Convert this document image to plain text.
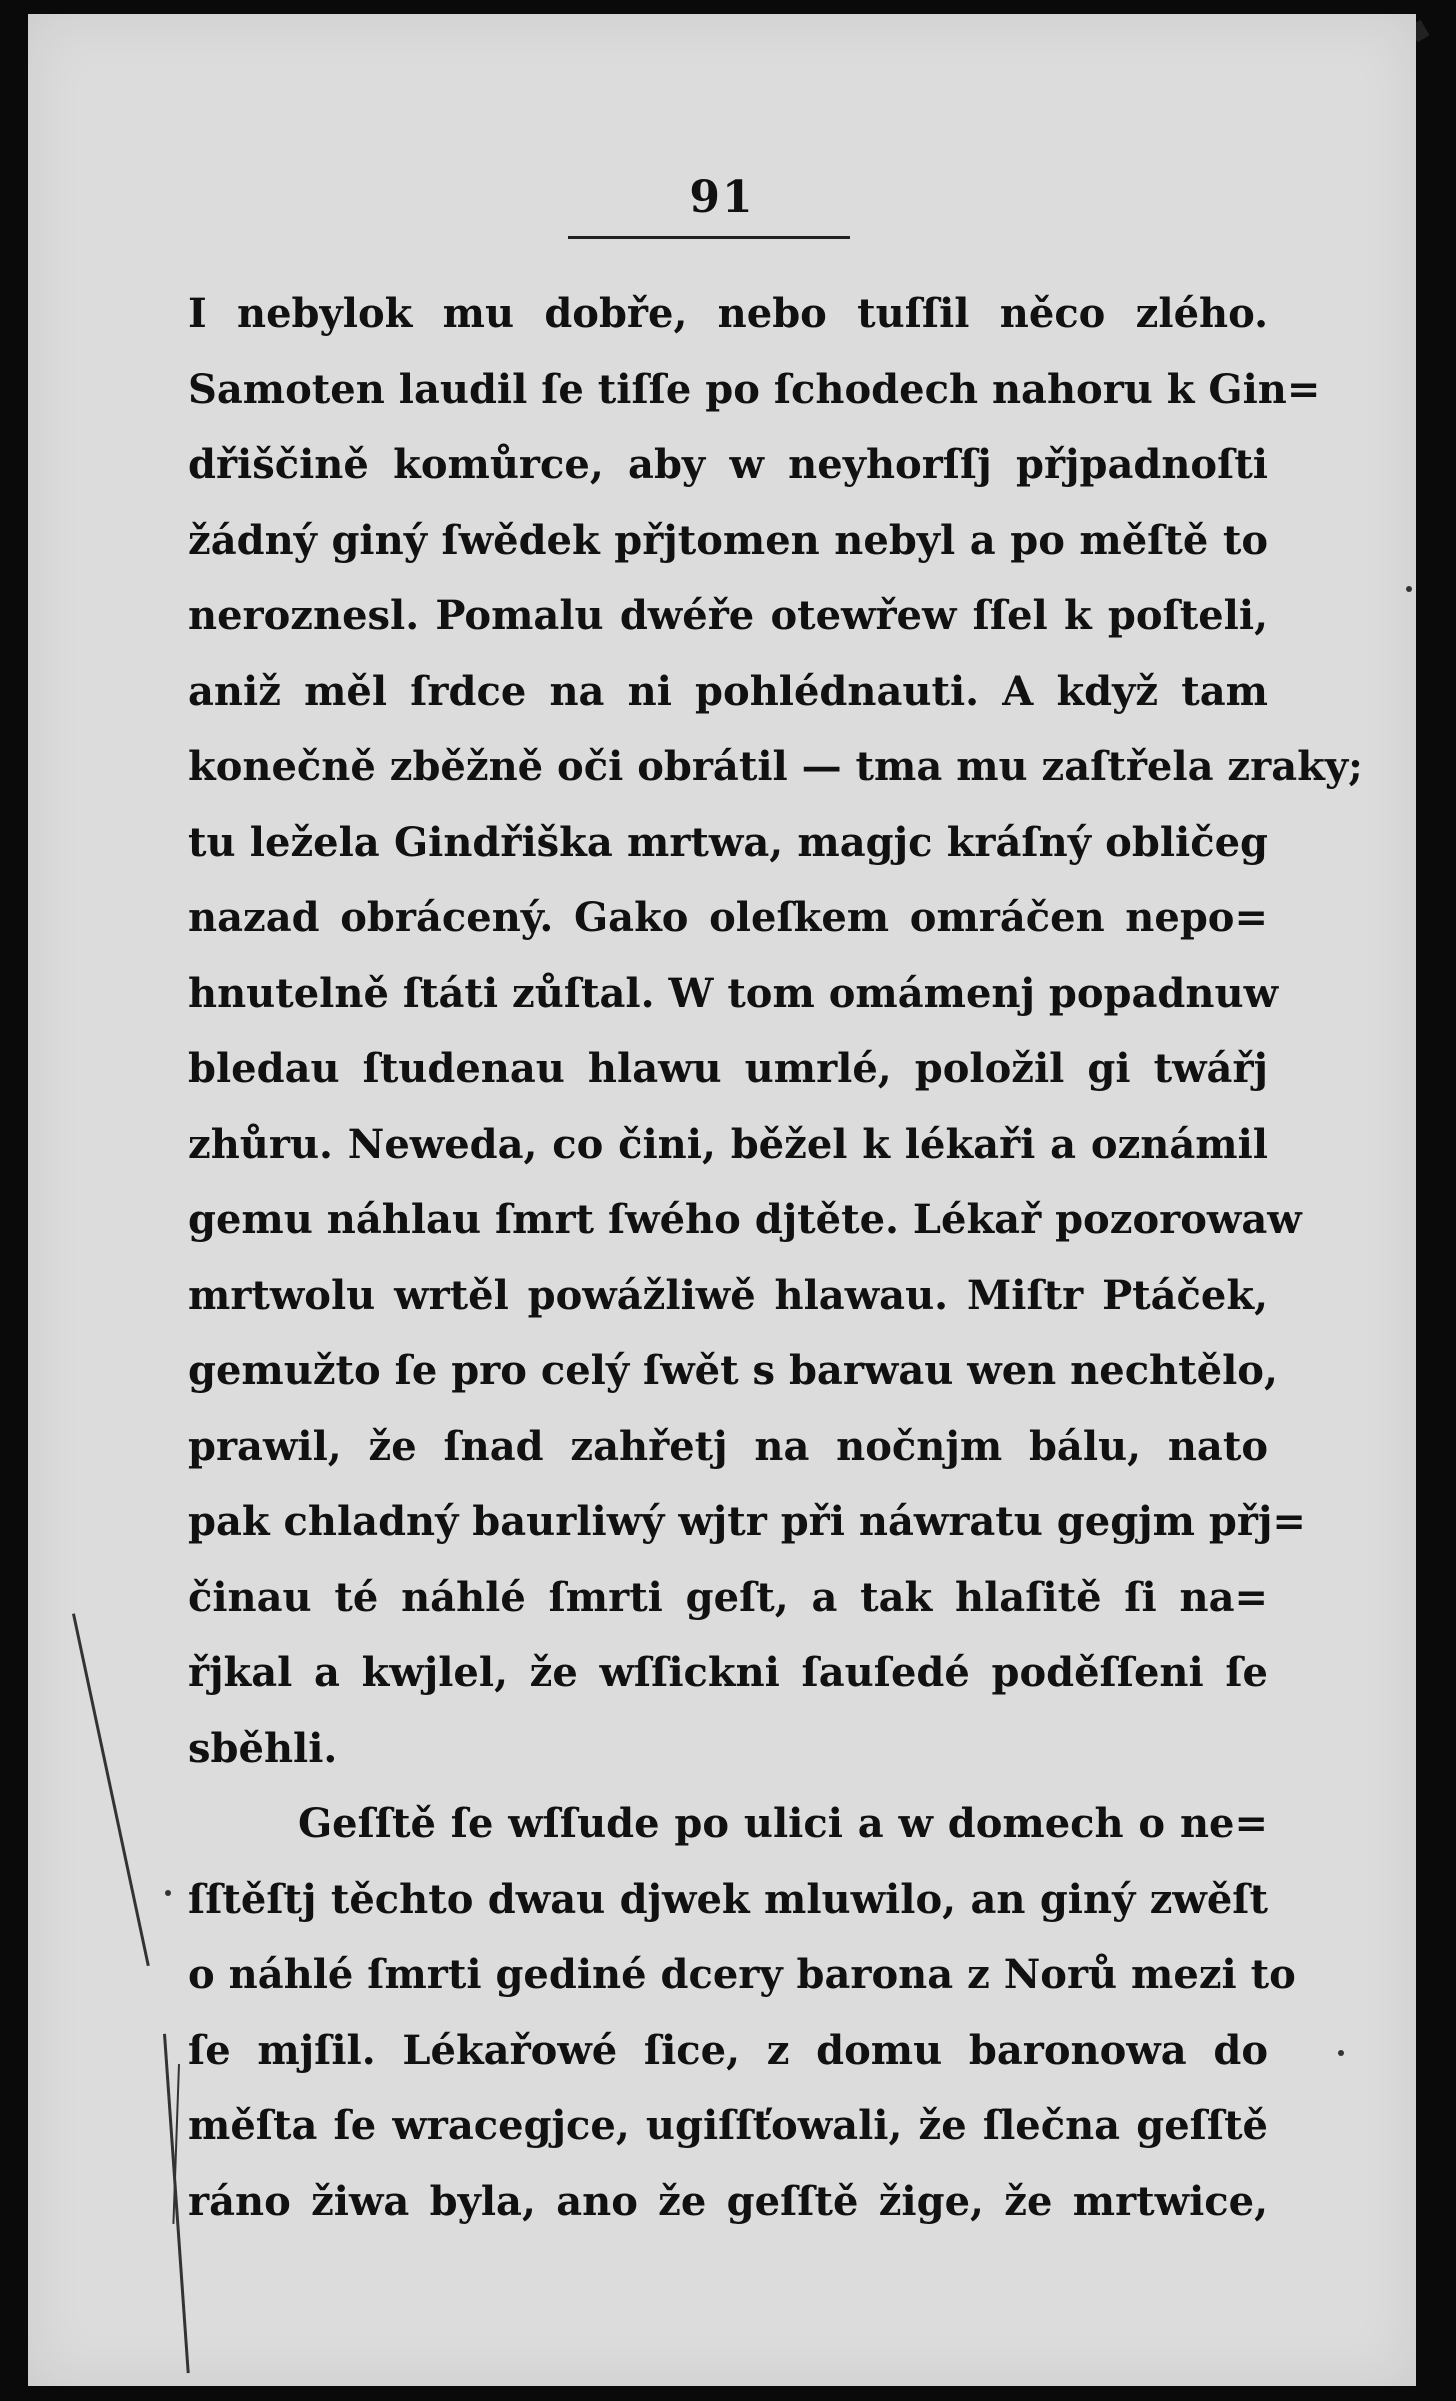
91
I nebylok mu dobře, nebo tuſſil něco zlého.
Samoten laudil ſe tiſſe po ſchodech nahoru k Gin=
dřiščině komůrce, aby w neyhorſſj přjpadnoſti
žádný giný ſwědek přjtomen nebyl a po měſtě to
neroznesl. Pomalu dwéře otewřew ſſel k poſteli,
aniž měl ſrdce na ni pohlédnauti. A když tam
konečně zběžně oči obrátil — tma mu zaſtřela zraky;
tu ležela Gindřiška mrtwa, magjc kráſný obličeg
nazad obrácený. Gako oleſkem omráčen nepo=
hnutelně ſtáti zůſtal. W tom omámenj popadnuw
bledau ſtudenau hlawu umrlé, položil gi twářj
zhůru. Neweda, co čini, běžel k lékaři a oznámil
gemu náhlau ſmrt ſwého djtěte. Lékař pozorowaw
mrtwolu wrtěl powážliwě hlawau. Miſtr Ptáček,
gemužto ſe pro celý ſwět s barwau wen nechtělo,
prawil, že ſnad zahřetj na nočnjm bálu, nato
pak chladný baurliwý wjtr při náwratu gegjm přj=
činau té náhlé ſmrti geſt, a tak hlaſitě ſi na=
řjkal a kwjlel, že wſſickni ſauſedé poděſſeni ſe
sběhli.
Geſſtě ſe wſſude po ulici a w domech o ne=
ſſtěſtj těchto dwau djwek mluwilo, an giný zwěſt
o náhlé ſmrti gediné dcery barona z Norů mezi to
ſe mjſil. Lékařowé ſice, z domu baronowa do
měſta ſe wracegjce, ugiſſťowali, že ſlečna geſſtě
ráno žiwa byla, ano že geſſtě žige, že mrtwice,
